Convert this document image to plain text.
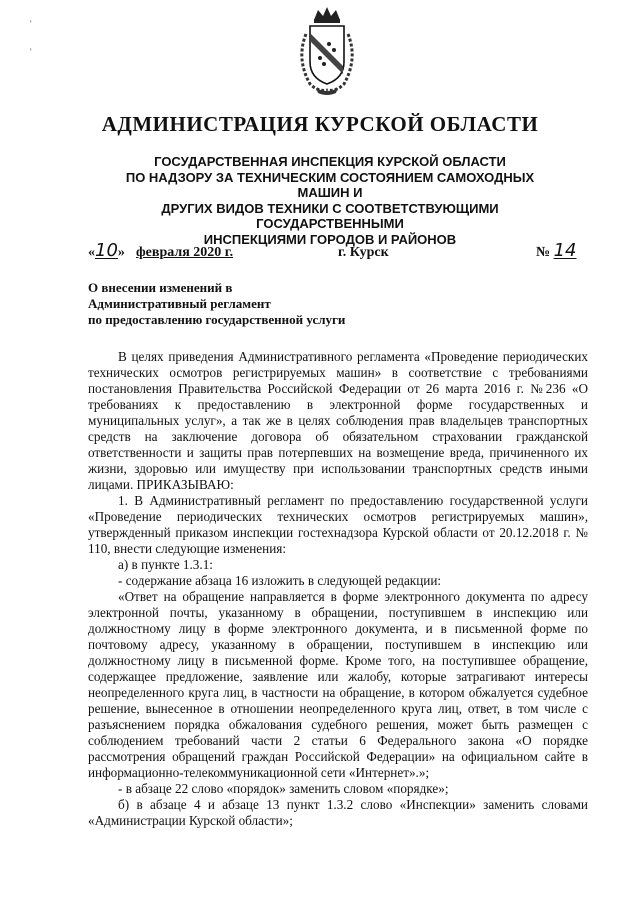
'
'
АДМИНИСТРАЦИЯ КУРСКОЙ ОБЛАСТИ
ГОСУДАРСТВЕННАЯ ИНСПЕКЦИЯ КУРСКОЙ ОБЛАСТИ
ПО НАДЗОРУ ЗА ТЕХНИЧЕСКИМ СОСТОЯНИЕМ САМОХОДНЫХ МАШИН И
ДРУГИХ ВИДОВ ТЕХНИКИ С СООТВЕТСТВУЮЩИМИ ГОСУДАРСТВЕННЫМИ
ИНСПЕКЦИЯМИ ГОРОДОВ И РАЙОНОВ
«10» февраля 2020 г.	г. Курск	№ 14
О внесении изменений в
Административный регламент
по предоставлению государственной услуги

В целях приведения Административного регламента «Проведение периодических технических осмотров регистрируемых машин» в соответствие с требованиями постановления Правительства Российской Федерации от 26 марта 2016 г. №236 «О требованиях к предоставлению в электронной форме государственных и муниципальных услуг», а так же в целях соблюдения прав владельцев транспортных средств на заключение договора об обязательном страховании гражданской ответственности и защиты прав потерпевших на возмещение вреда, причиненного их жизни, здоровью или имуществу при использовании транспортных средств иными лицами. ПРИКАЗЫВАЮ:

1. В Административный регламент по предоставлению государственной услуги «Проведение периодических технических осмотров регистрируемых машин», утвержденный приказом инспекции гостехнадзора Курской области от 20.12.2018 г. № 110, внести следующие изменения:

а) в пункте 1.3.1:

- содержание абзаца 16 изложить в следующей редакции:

«Ответ на обращение направляется в форме электронного документа по адресу электронной почты, указанному в обращении, поступившем в инспекцию или должностному лицу в форме электронного документа, и в письменной форме по почтовому адресу, указанному в обращении, поступившем в инспекцию или должностному лицу в письменной форме. Кроме того, на поступившее обращение, содержащее предложение, заявление или жалобу, которые затрагивают интересы неопределенного круга лиц, в частности на обращение, в котором обжалуется судебное решение, вынесенное в отношении неопределенного круга лиц, ответ, в том числе с разъяснением порядка обжалования судебного решения, может быть размещен с соблюдением требований части 2 статьи 6 Федерального закона «О порядке рассмотрения обращений граждан Российской Федерации» на официальном сайте в информационно-телекоммуникационной сети «Интернет».»;

- в абзаце 22 слово «порядок» заменить словом «порядке»;

б) в абзаце 4 и абзаце 13 пункт 1.3.2 слово «Инспекции» заменить словами «Администрации Курской области»;
